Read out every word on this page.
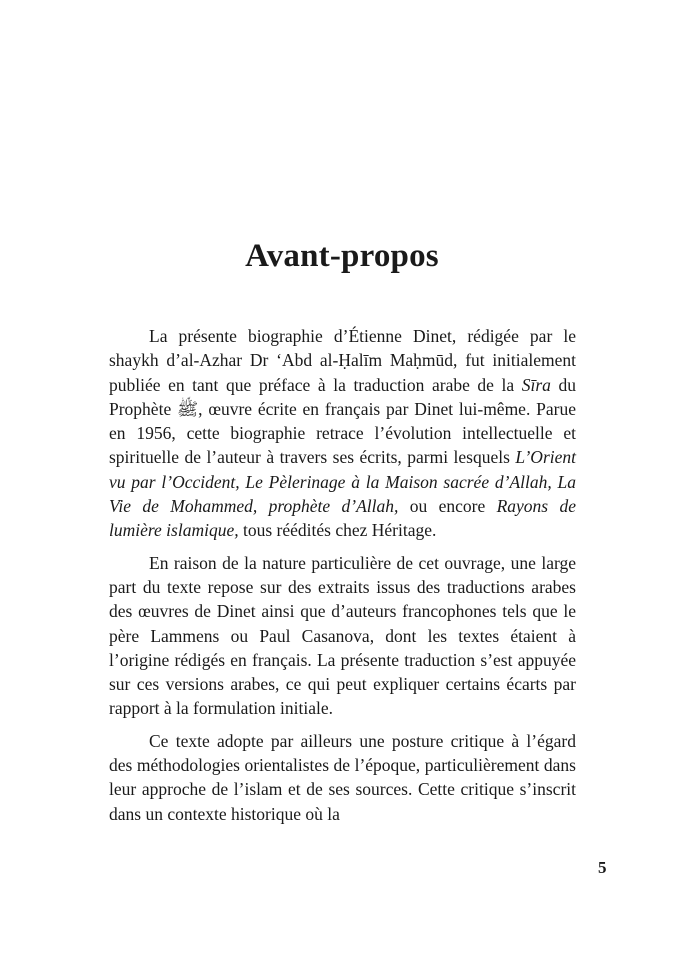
Avant-propos

La présente biographie d’Étienne Dinet, rédigée par le shaykh d’al-Azhar Dr ‘Abd al-Ḥalīm Maḥmūd, fut initialement publiée en tant que préface à la traduction arabe de la Sīra du Prophète ﷺ, œuvre écrite en français par Dinet lui-même. Parue en 1956, cette biographie retrace l’évolution intellectuelle et spirituelle de l’auteur à travers ses écrits, parmi lesquels L’Orient vu par l’Occident, Le Pèlerinage à la Maison sacrée d’Allah, La Vie de Mohammed, prophète d’Allah, ou encore Rayons de lumière islamique, tous réédités chez Héritage.

En raison de la nature particulière de cet ouvrage, une large part du texte repose sur des extraits issus des traductions arabes des œuvres de Dinet ainsi que d’auteurs francophones tels que le père Lammens ou Paul Casanova, dont les textes étaient à l’origine rédigés en français. La présente traduction s’est appuyée sur ces versions arabes, ce qui peut expliquer certains écarts par rapport à la formulation initiale.

Ce texte adopte par ailleurs une posture critique à l’égard des méthodologies orientalistes de l’époque, particulièrement dans leur approche de l’islam et de ses sources. Cette critique s’inscrit dans un contexte historique où la

5
